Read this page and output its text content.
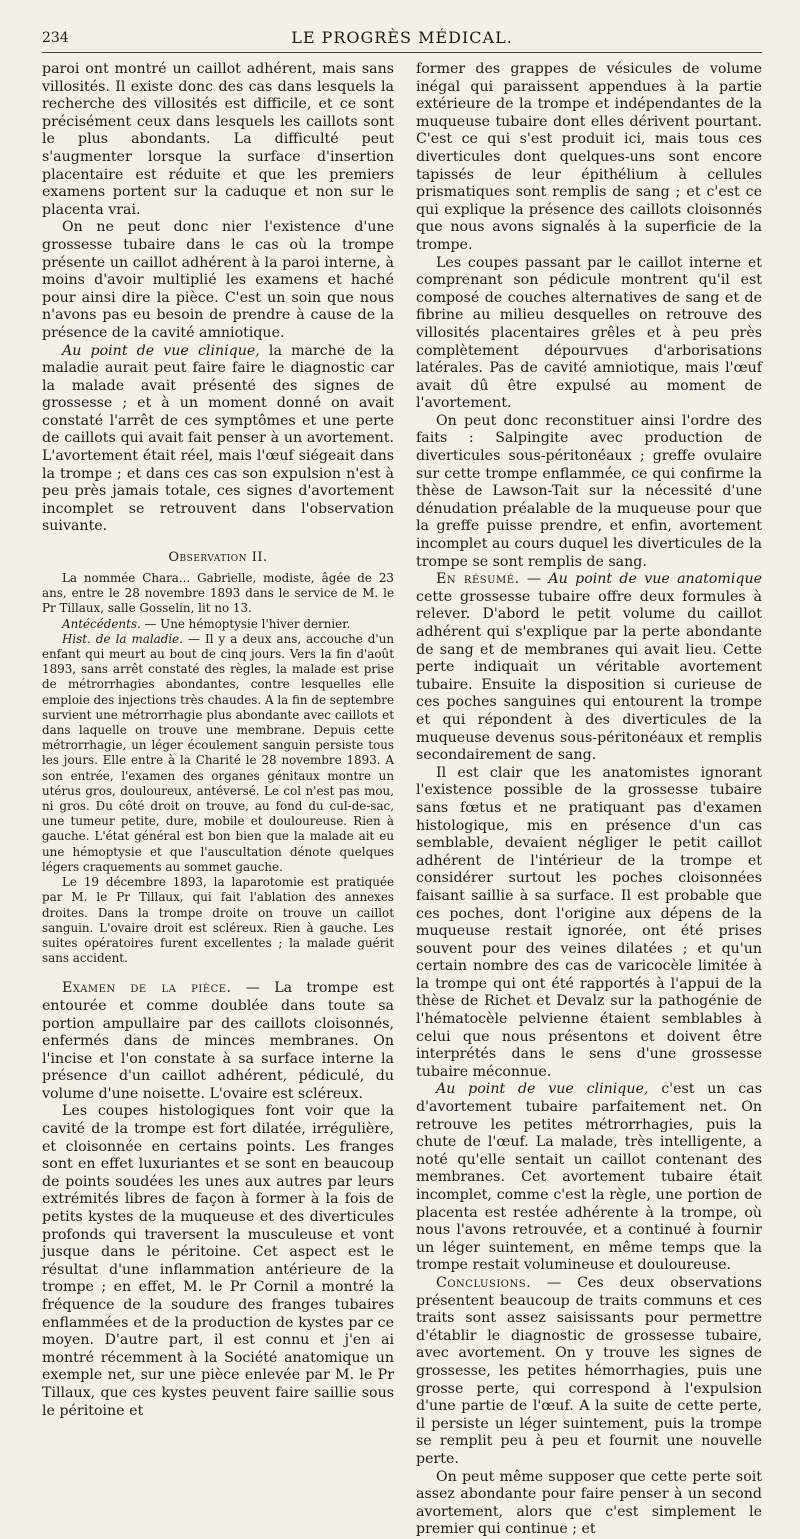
234	LE PROGRÈS MÉDICAL.

paroi ont montré un caillot adhérent, mais sans villosités. Il existe donc des cas dans lesquels la recherche des villosités est difficile, et ce sont précisément ceux dans lesquels les caillots sont le plus abondants. La difficulté peut s'augmenter lorsque la surface d'insertion placentaire est réduite et que les premiers examens portent sur la caduque et non sur le placenta vrai.

On ne peut donc nier l'existence d'une grossesse tubaire dans le cas où la trompe présente un caillot adhérent à la paroi interne, à moins d'avoir multiplié les examens et haché pour ainsi dire la pièce. C'est un soin que nous n'avons pas eu besoin de prendre à cause de la présence de la cavité amniotique.

Au point de vue clinique, la marche de la maladie aurait peut faire faire le diagnostic car la malade avait présenté des signes de grossesse ; et à un moment donné on avait constaté l'arrêt de ces symptômes et une perte de caillots qui avait fait penser à un avortement. L'avortement était réel, mais l'œuf siégeait dans la trompe ; et dans ces cas son expulsion n'est à peu près jamais totale, ces signes d'avortement incomplet se retrouvent dans l'observation suivante.

Observation II.

La nommée Chara... Gabrielle, modiste, âgée de 23 ans, entre le 28 novembre 1893 dans le service de M. le Pr Tillaux, salle Gosselin, lit no 13.

Antécédents. — Une hémoptysie l'hiver dernier.

Hist. de la maladie. — Il y a deux ans, accouche d'un enfant qui meurt au bout de cinq jours. Vers la fin d'août 1893, sans arrêt constaté des règles, la malade est prise de métrorrhagies abondantes, contre lesquelles elle emploie des injections très chaudes. A la fin de septembre survient une métrorrhagie plus abondante avec caillots et dans laquelle on trouve une membrane. Depuis cette métrorrhagie, un léger écoulement sanguin persiste tous les jours. Elle entre à la Charité le 28 novembre 1893. A son entrée, l'examen des organes génitaux montre un utérus gros, douloureux, antéversé. Le col n'est pas mou, ni gros. Du côté droit on trouve, au fond du cul-de-sac, une tumeur petite, dure, mobile et douloureuse. Rien à gauche. L'état général est bon bien que la malade ait eu une hémoptysie et que l'auscultation dénote quelques légers craquements au sommet gauche.

Le 19 décembre 1893, la laparotomie est pratiquée par M. le Pr Tillaux, qui fait l'ablation des annexes droites. Dans la trompe droite on trouve un caillot sanguin. L'ovaire droit est scléreux. Rien à gauche. Les suites opératoires furent excellentes ; la malade guérit sans accident.

Examen de la pièce. — La trompe est entourée et comme doublée dans toute sa portion ampullaire par des caillots cloisonnés, enfermés dans de minces membranes. On l'incise et l'on constate à sa surface interne la présence d'un caillot adhérent, pédiculé, du volume d'une noisette. L'ovaire est scléreux.

Les coupes histologiques font voir que la cavité de la trompe est fort dilatée, irrégulière, et cloisonnée en certains points. Les franges sont en effet luxuriantes et se sont en beaucoup de points soudées les unes aux autres par leurs extrémités libres de façon à former à la fois de petits kystes de la muqueuse et des diverticules profonds qui traversent la musculeuse et vont jusque dans le péritoine. Cet aspect est le résultat d'une inflammation antérieure de la trompe ; en effet, M. le Pr Cornil a montré la fréquence de la soudure des franges tubaires enflammées et de la production de kystes par ce moyen. D'autre part, il est connu et j'en ai montré récemment à la Société anatomique un exemple net, sur une pièce enlevée par M. le Pr Tillaux, que ces kystes peuvent faire saillie sous le péritoine et

former des grappes de vésicules de volume inégal qui paraissent appendues à la partie extérieure de la trompe et indépendantes de la muqueuse tubaire dont elles dérivent pourtant. C'est ce qui s'est produit ici, mais tous ces diverticules dont quelques-uns sont encore tapissés de leur épithélium à cellules prismatiques sont remplis de sang ; et c'est ce qui explique la présence des caillots cloisonnés que nous avons signalés à la superficie de la trompe.

Les coupes passant par le caillot interne et comprenant son pédicule montrent qu'il est composé de couches alternatives de sang et de fibrine au milieu desquelles on retrouve des villosités placentaires grêles et à peu près complètement dépourvues d'arborisations latérales. Pas de cavité amniotique, mais l'œuf avait dû être expulsé au moment de l'avortement.

On peut donc reconstituer ainsi l'ordre des faits : Salpingite avec production de diverticules sous-péritonéaux ; greffe ovulaire sur cette trompe enflammée, ce qui confirme la thèse de Lawson-Tait sur la nécessité d'une dénudation préalable de la muqueuse pour que la greffe puisse prendre, et enfin, avortement incomplet au cours duquel les diverticules de la trompe se sont remplis de sang.

En résumé. — Au point de vue anatomique cette grossesse tubaire offre deux formules à relever. D'abord le petit volume du caillot adhérent qui s'explique par la perte abondante de sang et de membranes qui avait lieu. Cette perte indiquait un véritable avortement tubaire. Ensuite la disposition si curieuse de ces poches sanguines qui entourent la trompe et qui répondent à des diverticules de la muqueuse devenus sous-péritonéaux et remplis secondairement de sang.

Il est clair que les anatomistes ignorant l'existence possible de la grossesse tubaire sans fœtus et ne pratiquant pas d'examen histologique, mis en présence d'un cas semblable, devaient négliger le petit caillot adhérent de l'intérieur de la trompe et considérer surtout les poches cloisonnées faisant saillie à sa surface. Il est probable que ces poches, dont l'origine aux dépens de la muqueuse restait ignorée, ont été prises souvent pour des veines dilatées ; et qu'un certain nombre des cas de varicocèle limitée à la trompe qui ont été rapportés à l'appui de la thèse de Richet et Devalz sur la pathogénie de l'hématocèle pelvienne étaient semblables à celui que nous présentons et doivent être interprétés dans le sens d'une grossesse tubaire méconnue.

Au point de vue clinique, c'est un cas d'avortement tubaire parfaitement net. On retrouve les petites métrorrhagies, puis la chute de l'œuf. La malade, très intelligente, a noté qu'elle sentait un caillot contenant des membranes. Cet avortement tubaire était incomplet, comme c'est la règle, une portion de placenta est restée adhérente à la trompe, où nous l'avons retrouvée, et a continué à fournir un léger suintement, en même temps que la trompe restait volumineuse et douloureuse.

Conclusions. — Ces deux observations présentent beaucoup de traits communs et ces traits sont assez saisissants pour permettre d'établir le diagnostic de grossesse tubaire, avec avortement. On y trouve les signes de grossesse, les petites hémorrhagies, puis une grosse perte, qui correspond à l'expulsion d'une partie de l'œuf. A la suite de cette perte, il persiste un léger suintement, puis la trompe se remplit peu à peu et fournit une nouvelle perte.

On peut même supposer que cette perte soit assez abondante pour faire penser à un second avortement, alors que c'est simplement le premier qui continue ; et
